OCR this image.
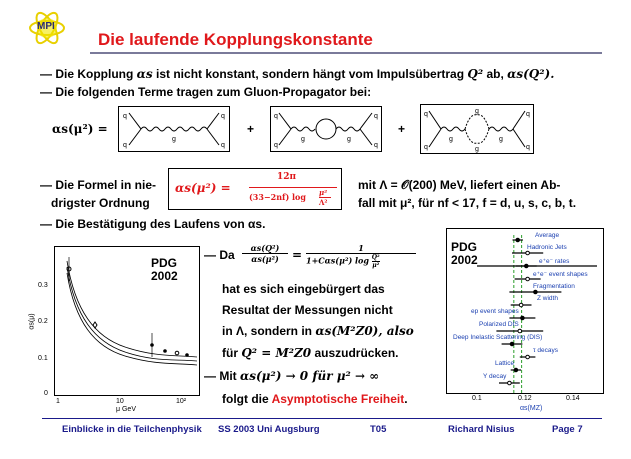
MPI
Die laufende Kopplungskonstante
— Die Kopplung αs ist nicht konstant, sondern hängt vom Impulsübertrag Q² ab, αs(Q²).
— Die folgenden Terme tragen zum Gluon-Propagator bei:
αs(μ²) =
q
q
q
q
g
+
q
q
q
q
g	g
+
q
q
q
q
g
g	g
g
— Die Formel in nie-
drigster Ordnung
αs(μ²) =
12π
(33−2nf) log μ²
Λ²
mit Λ = 𝒪(200) MeV, liefert einen Ab-
fall mit μ², für nf < 17, f = d, u, s, c, b, t.
— Die Bestätigung des Laufens von αs.
PDG
2002
0.3
0.2
0.1
0
αs(μ)
1	10	10²
μ GeV
— Da	αs(Q²)
αs(μ²)	=	1
1+Cαs(μ²) $\log \frac{\text{Q²}}{\text{μ²}}$
hat es sich eingebürgert das
Resultat der Messungen nicht
in Λ, sondern in αs(M²Z0), also
für Q² = M²Z0 auszudrücken.
— Mit αs(μ²) → 0 für μ² → ∞
folgt die Asymptotische Freiheit.
PDG
2002
Average
Hadronic Jets
e⁺e⁻ rates
e⁺e⁻ event shapes
Fragmentation
Z width
ep event shapes
Polarized DIS
Deep Inelastic Scattering (DIS)
τ decays
Lattice
Υ decay
0.1	0.12	0.14
αs(MZ)
Einblicke in die Teilchenphysik SS 2003 Uni Augsburg	T05	Richard Nisius	Page 7
